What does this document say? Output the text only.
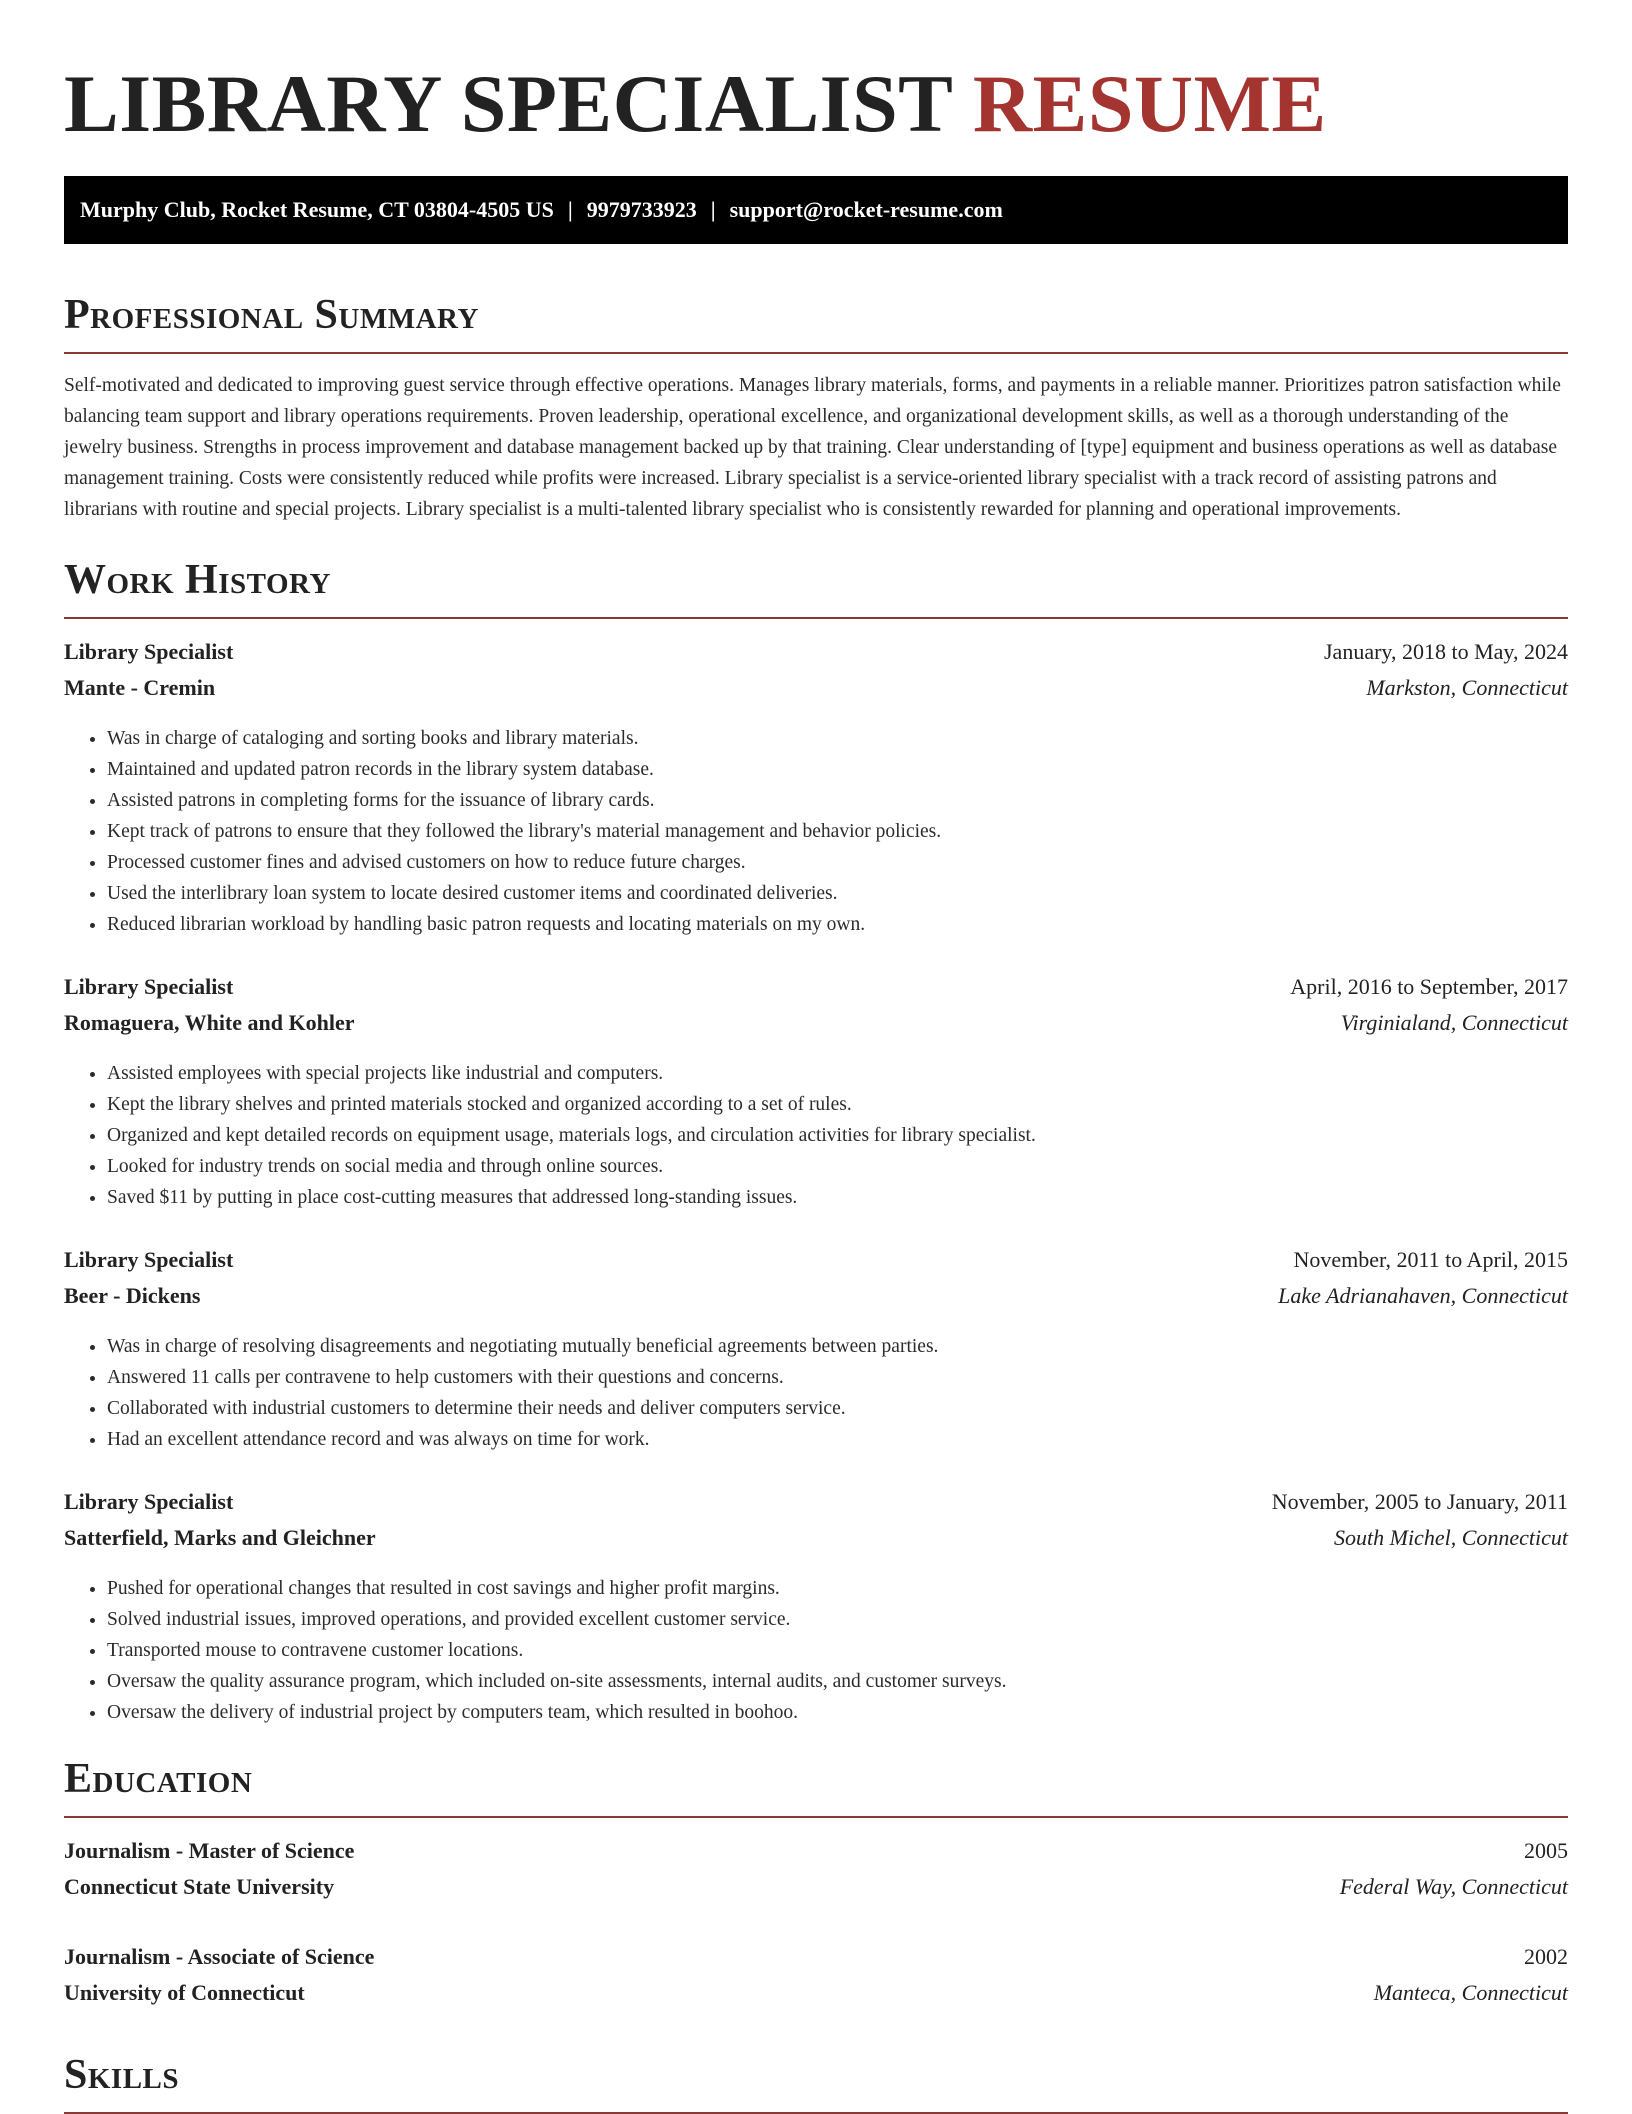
LIBRARY SPECIALIST RESUME
Murphy Club, Rocket Resume, CT 03804-4505 US | 9979733923 | support@rocket-resume.com
Professional Summary

Self-motivated and dedicated to improving guest service through effective operations. Manages library materials, forms, and payments in a reliable manner. Prioritizes patron satisfaction while balancing team support and library operations requirements. Proven leadership, operational excellence, and organizational development skills, as well as a thorough understanding of the jewelry business. Strengths in process improvement and database management backed up by that training. Clear understanding of [type] equipment and business operations as well as database management training. Costs were consistently reduced while profits were increased. Library specialist is a service-oriented library specialist with a track record of assisting patrons and librarians with routine and special projects. Library specialist is a multi-talented library specialist who is consistently rewarded for planning and operational improvements.

Work History
Library Specialist	January, 2018 to May, 2024
Mante - Cremin	Markston, Connecticut
• Was in charge of cataloging and sorting books and library materials.
• Maintained and updated patron records in the library system database.
• Assisted patrons in completing forms for the issuance of library cards.
• Kept track of patrons to ensure that they followed the library's material management and behavior policies.
• Processed customer fines and advised customers on how to reduce future charges.
• Used the interlibrary loan system to locate desired customer items and coordinated deliveries.
• Reduced librarian workload by handling basic patron requests and locating materials on my own.
Library Specialist	April, 2016 to September, 2017
Romaguera, White and Kohler	Virginialand, Connecticut
• Assisted employees with special projects like industrial and computers.
• Kept the library shelves and printed materials stocked and organized according to a set of rules.
• Organized and kept detailed records on equipment usage, materials logs, and circulation activities for library specialist.
• Looked for industry trends on social media and through online sources.
• Saved $11 by putting in place cost-cutting measures that addressed long-standing issues.
Library Specialist	November, 2011 to April, 2015
Beer - Dickens	Lake Adrianahaven, Connecticut
• Was in charge of resolving disagreements and negotiating mutually beneficial agreements between parties.
• Answered 11 calls per contravene to help customers with their questions and concerns.
• Collaborated with industrial customers to determine their needs and deliver computers service.
• Had an excellent attendance record and was always on time for work.
Library Specialist	November, 2005 to January, 2011
Satterfield, Marks and Gleichner	South Michel, Connecticut
• Pushed for operational changes that resulted in cost savings and higher profit margins.
• Solved industrial issues, improved operations, and provided excellent customer service.
• Transported mouse to contravene customer locations.
• Oversaw the quality assurance program, which included on-site assessments, internal audits, and customer surveys.
• Oversaw the delivery of industrial project by computers team, which resulted in boohoo.
Education
Journalism - Master of Science	2005
Connecticut State University	Federal Way, Connecticut
Journalism - Associate of Science	2002
University of Connecticut	Manteca, Connecticut
Skills
